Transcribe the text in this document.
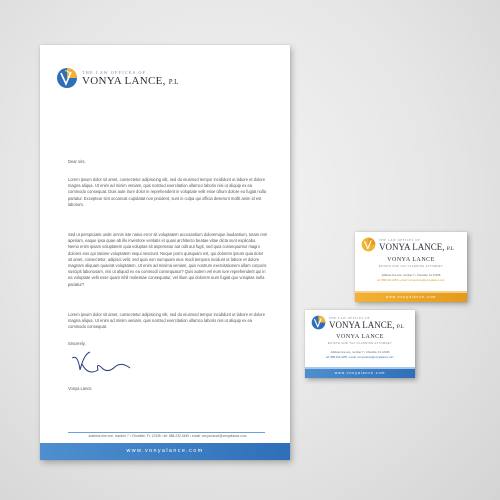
THE LAW OFFICES OF
VONYA LANCE, P.L
Dear sirs,
Lorem ipsum dolor sit amet, consectetur adipisicing elit, sed do eiusmod tempor incididunt ut labore et dolore magna aliqua. Ut enim ad minim veniam, quis nostrud exercitation ullamco laboris nisi ut aliquip ex ea commodo consequat. Duis aute irure dolor in reprehenderit in voluptate velit esse cillum dolore eu fugiat nulla pariatur. Excepteur sint occaecat cupidatat non proident, sunt in culpa qui officia deserunt mollit anim id est laborum.
Sed ut perspiciatis unde omnis iste natus error sit voluptatem accusantium doloremque laudantium, totam rem aperiam, eaque ipsa quae ab illo inventore veritatis et quasi architecto beatae vitae dicta sunt explicabo. Nemo enim ipsam voluptatem quia voluptas sit aspernatur aut odit aut fugit, sed quia consequuntur magni dolores eos qui ratione voluptatem sequi nesciunt. Neque porro quisquam est, qui dolorem ipsum quia dolor sit amet, consectetur, adipisci velit, sed quia non numquam eius modi tempora incidunt ut labore et dolore magnam aliquam quaerat voluptatem. Ut enim ad minima veniam, quis nostrum exercitationem ullam corporis suscipit laboriosam, nisi ut aliquid ex ea commodi consequatur? Quis autem vel eum iure reprehenderit qui in ea voluptate velit esse quam nihil molestiae consequatur, vel illum qui dolorem eum fugiat quo voluptas nulla pariatur?
Lorem ipsum dolor sit amet, consectetur adipisicing elit, sed do eiusmod tempor incididunt ut labore et dolore magna aliqua. Ut enim ad minim veniam, quis nostrud exercitation ullamco laboris nisi ut aliquip ex ea commodo consequat.
Sincerely,
Vonya Lance
Address line one, number 7 • Chumitte, FL 12345 • tel: 888.232.4455 • email: vonya.lance@vonyalance.com
www.vonyalance.com
THE LAW OFFICES OF
VONYA LANCE, P.L
VONYA LANCE
ESTATE AND TAX PLANNING ATTORNEY
Address line one, number 7 • Chumitte, FL 12345
tel: 888.232.4455 • email: vonya.lance@vonyalance.com
www.vonyalance.com
THE LAW OFFICES OF
VONYA LANCE, P.L
VONYA LANCE
ESTATE AND TAX PLANNING ATTORNEY
Address line one, number 7 • Chumitte, FL 12345
tel: 888.232.4455 • email: vonya.lance@vonyalance.com
www.vonyalance.com
